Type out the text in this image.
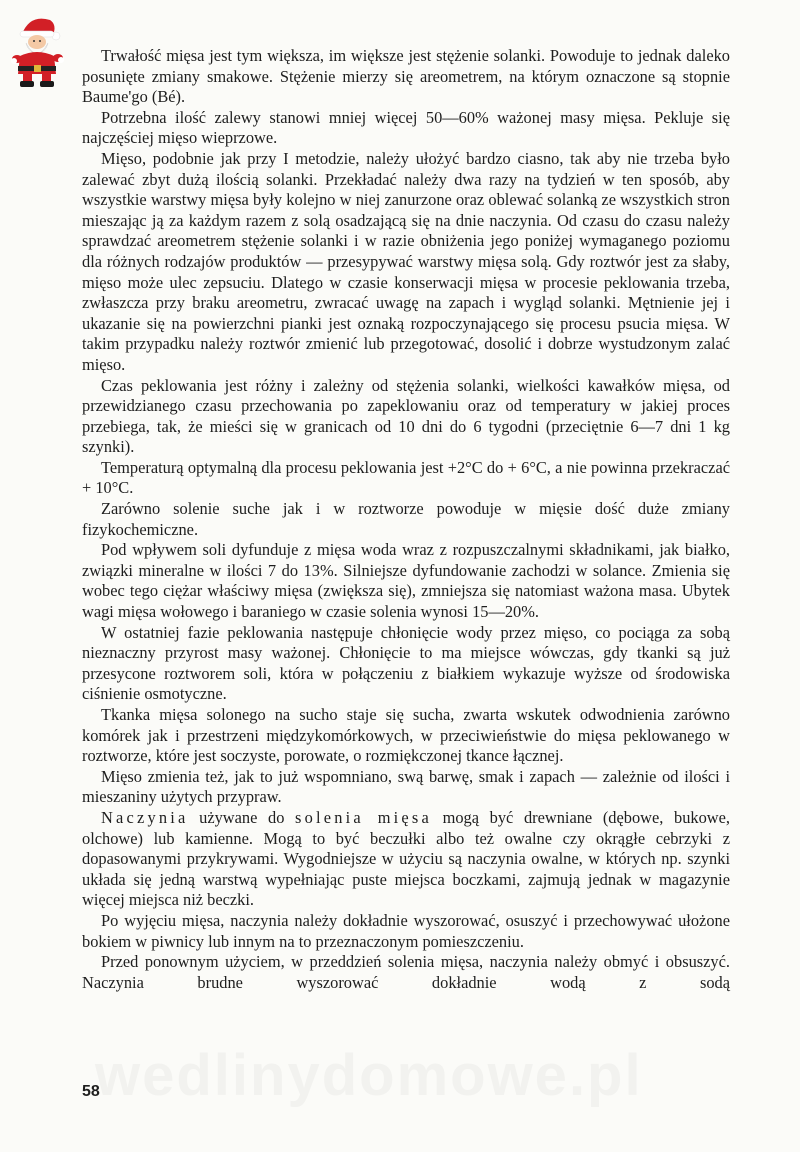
wedlinydomowe.pl

Trwałość mięsa jest tym większa, im większe jest stężenie solanki. Powoduje to jednak daleko posunięte zmiany smakowe. Stężenie mierzy się areometrem, na którym oznaczone są stopnie Baume'go (Bé).

Potrzebna ilość zalewy stanowi mniej więcej 50—60% ważonej masy mięsa. Pekluje się najczęściej mięso wieprzowe.

Mięso, podobnie jak przy I metodzie, należy ułożyć bardzo ciasno, tak aby nie trzeba było zalewać zbyt dużą ilością solanki. Przekładać należy dwa razy na tydzień w ten sposób, aby wszystkie warstwy mięsa były kolejno w niej zanurzone oraz oblewać solanką ze wszystkich stron mieszając ją za każdym razem z solą osadzającą się na dnie naczynia. Od czasu do czasu należy sprawdzać areometrem stężenie solanki i w razie obniżenia jego poniżej wymaganego poziomu dla różnych rodzajów produktów — przesypywać warstwy mięsa solą. Gdy roztwór jest za słaby, mięso może ulec zepsuciu. Dlatego w czasie konserwacji mięsa w procesie peklowania trzeba, zwłaszcza przy braku areometru, zwracać uwagę na zapach i wygląd solanki. Mętnienie jej i ukazanie się na powierzchni pianki jest oznaką rozpoczynającego się procesu psucia mięsa. W takim przypadku należy roztwór zmienić lub przegotować, dosolić i dobrze wystudzonym zalać mięso.

Czas peklowania jest różny i zależny od stężenia solanki, wielkości kawałków mięsa, od przewidzianego czasu przechowania po zapeklowaniu oraz od temperatury w jakiej proces przebiega, tak, że mieści się w granicach od 10 dni do 6 tygodni (przeciętnie 6—7 dni 1 kg szynki).

Temperaturą optymalną dla procesu peklowania jest +2°C do + 6°C, a nie powinna przekraczać + 10°C.

Zarówno solenie suche jak i w roztworze powoduje w mięsie dość duże zmiany fizykochemiczne.

Pod wpływem soli dyfunduje z mięsa woda wraz z rozpuszczalnymi składnikami, jak białko, związki mineralne w ilości 7 do 13%. Silniejsze dyfundowanie zachodzi w solance. Zmienia się wobec tego ciężar właściwy mięsa (zwiększa się), zmniejsza się natomiast ważona masa. Ubytek wagi mięsa wołowego i baraniego w czasie solenia wynosi 15—20%.

W ostatniej fazie peklowania następuje chłonięcie wody przez mięso, co pociąga za sobą nieznaczny przyrost masy ważonej. Chłonięcie to ma miejsce wówczas, gdy tkanki są już przesycone roztworem soli, która w połączeniu z białkiem wykazuje wyższe od środowiska ciśnienie osmotyczne.

Tkanka mięsa solonego na sucho staje się sucha, zwarta wskutek odwodnienia zarówno komórek jak i przestrzeni międzykomórkowych, w przeciwieństwie do mięsa peklowanego w roztworze, które jest soczyste, porowate, o rozmiękczonej tkance łącznej.

Mięso zmienia też, jak to już wspomniano, swą barwę, smak i zapach — zależnie od ilości i mieszaniny użytych przypraw.

Naczynia używane do solenia mięsa mogą być drewniane (dębowe, bukowe, olchowe) lub kamienne. Mogą to być beczułki albo też owalne czy okrągłe cebrzyki z dopasowanymi przykrywami. Wygodniejsze w użyciu są naczynia owalne, w których np. szynki układa się jedną warstwą wypełniając puste miejsca boczkami, zajmują jednak w magazynie więcej miejsca niż beczki.

Po wyjęciu mięsa, naczynia należy dokładnie wyszorować, osuszyć i przechowywać ułożone bokiem w piwnicy lub innym na to przeznaczonym pomieszczeniu.

Przed ponownym użyciem, w przeddzień solenia mięsa, naczynia należy obmyć i obsuszyć. Naczynia brudne wyszorować dokładnie wodą z sodą

58
